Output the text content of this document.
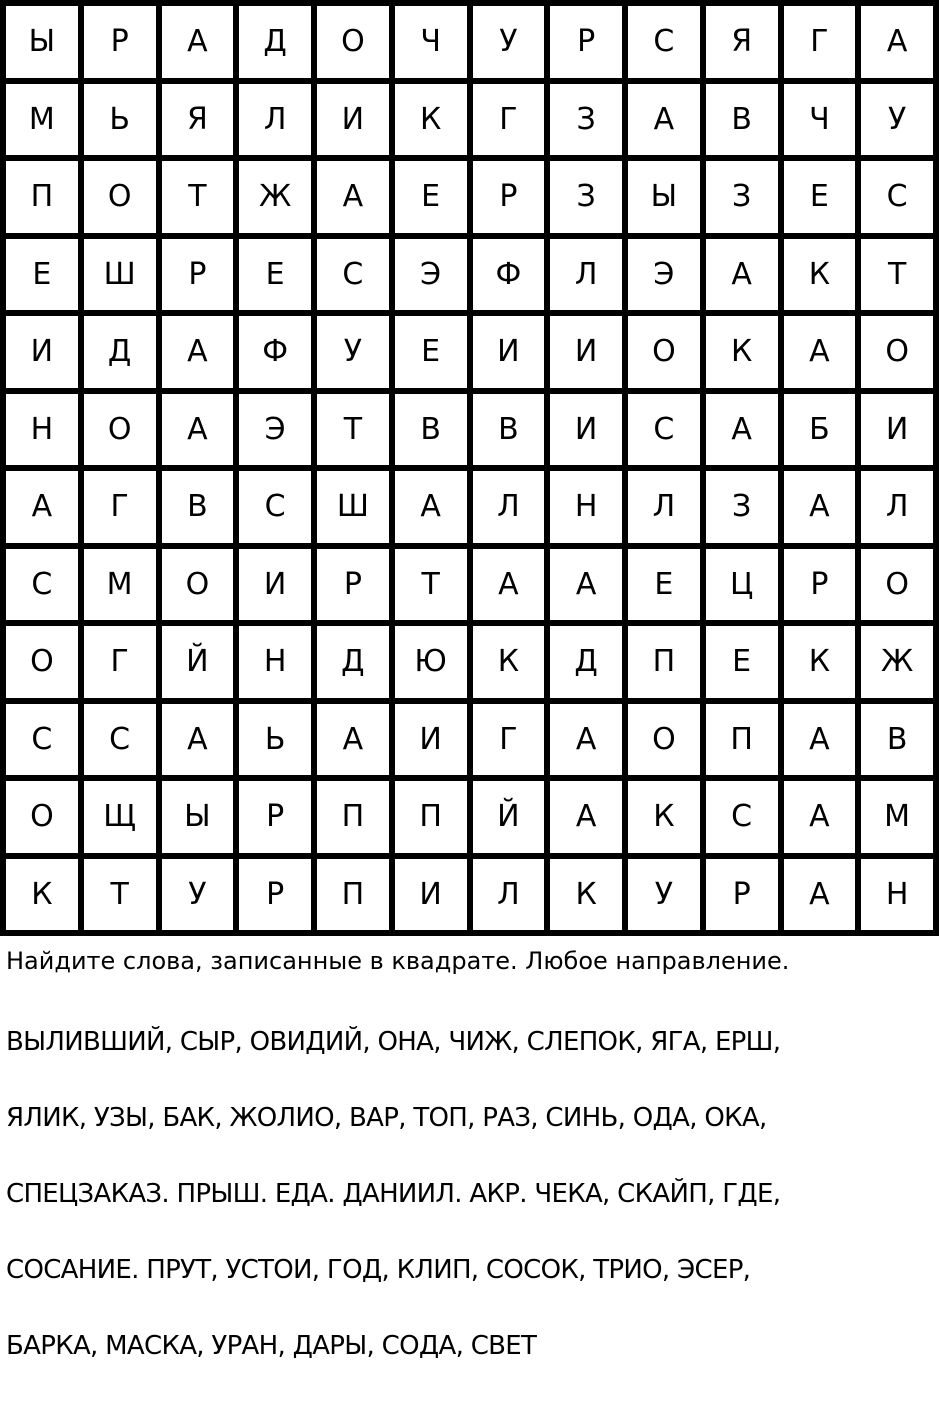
Ы	Р	А	Д	О	Ч	У	Р	С	Я	Г	А
М	Ь	Я	Л	И	К	Г	З	А	В	Ч	У
П	О	Т	Ж	А	Е	Р	З	Ы	З	Е	С
Е	Ш	Р	Е	С	Э	Ф	Л	Э	А	К	Т
И	Д	А	Ф	У	Е	И	И	О	К	А	О
Н	О	А	Э	Т	В	В	И	С	А	Б	И
А	Г	В	С	Ш	А	Л	Н	Л	З	А	Л
С	М	О	И	Р	Т	А	А	Е	Ц	Р	О
О	Г	Й	Н	Д	Ю	К	Д	П	Е	К	Ж
С	С	А	Ь	А	И	Г	А	О	П	А	В
О	Щ	Ы	Р	П	П	Й	А	К	С	А	М
К	Т	У	Р	П	И	Л	К	У	Р	А	Н
Найдите слова, записанные в квадрате. Любое направление.

ВЫЛИВШИЙ, СЫР, ОВИДИЙ, ОНА, ЧИЖ, СЛЕПОК, ЯГА, ЕРШ,

ЯЛИК, УЗЫ, БАК, ЖОЛИО, ВАР, ТОП, РАЗ, СИНЬ, ОДА, ОКА,

СПЕЦЗАКАЗ. ПРЫШ. ЕДА. ДАНИИЛ. АКР. ЧЕКА, СКАЙП, ГДЕ,

СОСАНИЕ. ПРУТ, УСТОИ, ГОД, КЛИП, СОСОК, ТРИО, ЭСЕР,

БАРКА, МАСКА, УРАН, ДАРЫ, СОДА, СВЕТ
